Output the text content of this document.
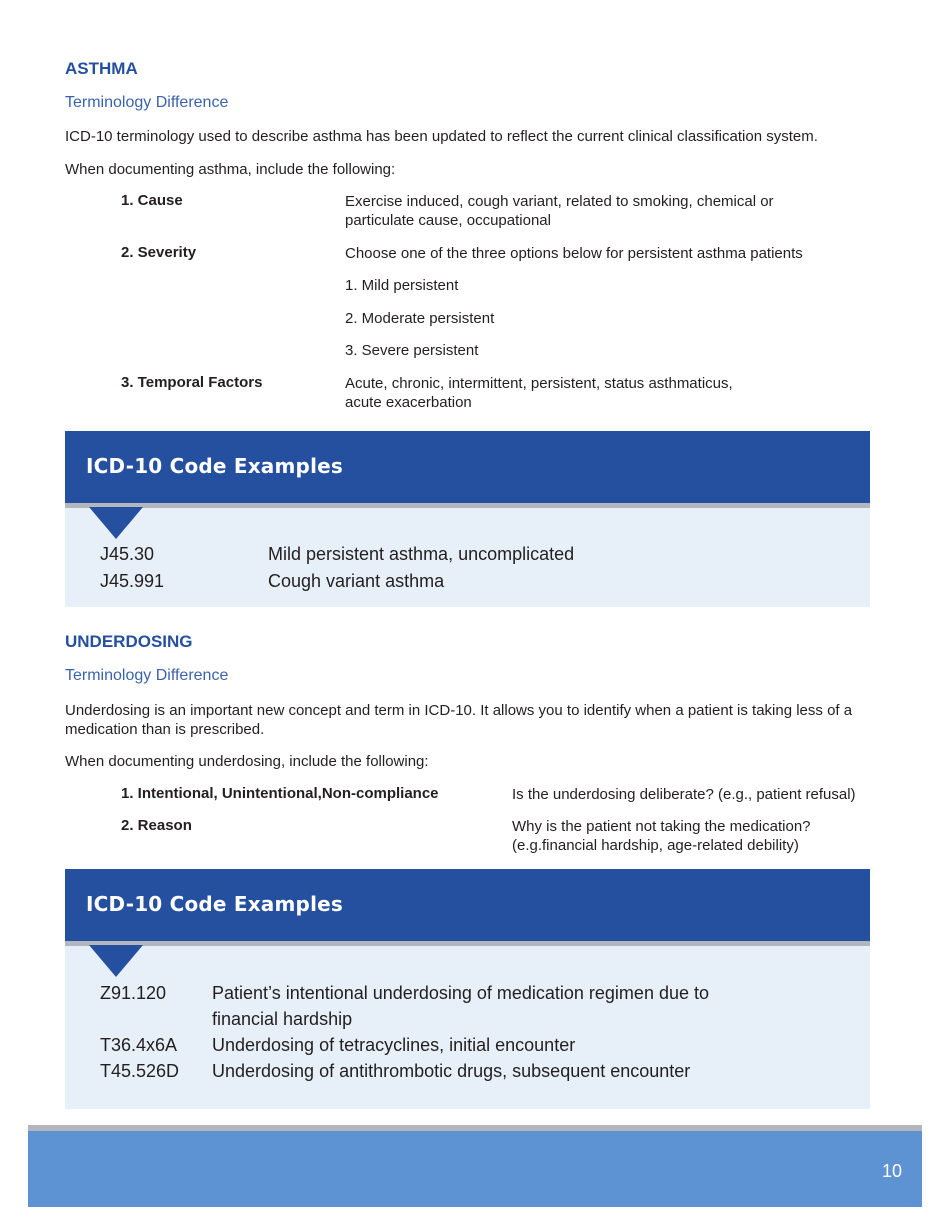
ASTHMA
Terminology Difference
ICD-10 terminology used to describe asthma has been updated to reflect the current clinical classification system.
When documenting asthma, include the following:
1. Cause	Exercise induced, cough variant, related to smoking, chemical or particulate cause, occupational
2. Severity	Choose one of the three options below for persistent asthma patients
1. Mild persistent
2. Moderate persistent
3. Severe persistent
3. Temporal Factors	Acute, chronic, intermittent, persistent, status asthmaticus, acute exacerbation
ICD-10 Code Examples
J45.30	Mild persistent asthma, uncomplicated
J45.991	Cough variant asthma
UNDERDOSING
Terminology Difference
Underdosing is an important new concept and term in ICD-10. It allows you to identify when a patient is taking less of a medication than is prescribed.
When documenting underdosing, include the following:
1. Intentional, Unintentional,Non-compliance	Is the underdosing deliberate? (e.g., patient refusal)
2. Reason	Why is the patient not taking the medication? (e.g.financial hardship, age-related debility)
ICD-10 Code Examples
Z91.120	Patient’s intentional underdosing of medication regimen due to financial hardship
T36.4x6A Underdosing of tetracyclines, initial encounter
T45.526D Underdosing of antithrombotic drugs, subsequent encounter
10
